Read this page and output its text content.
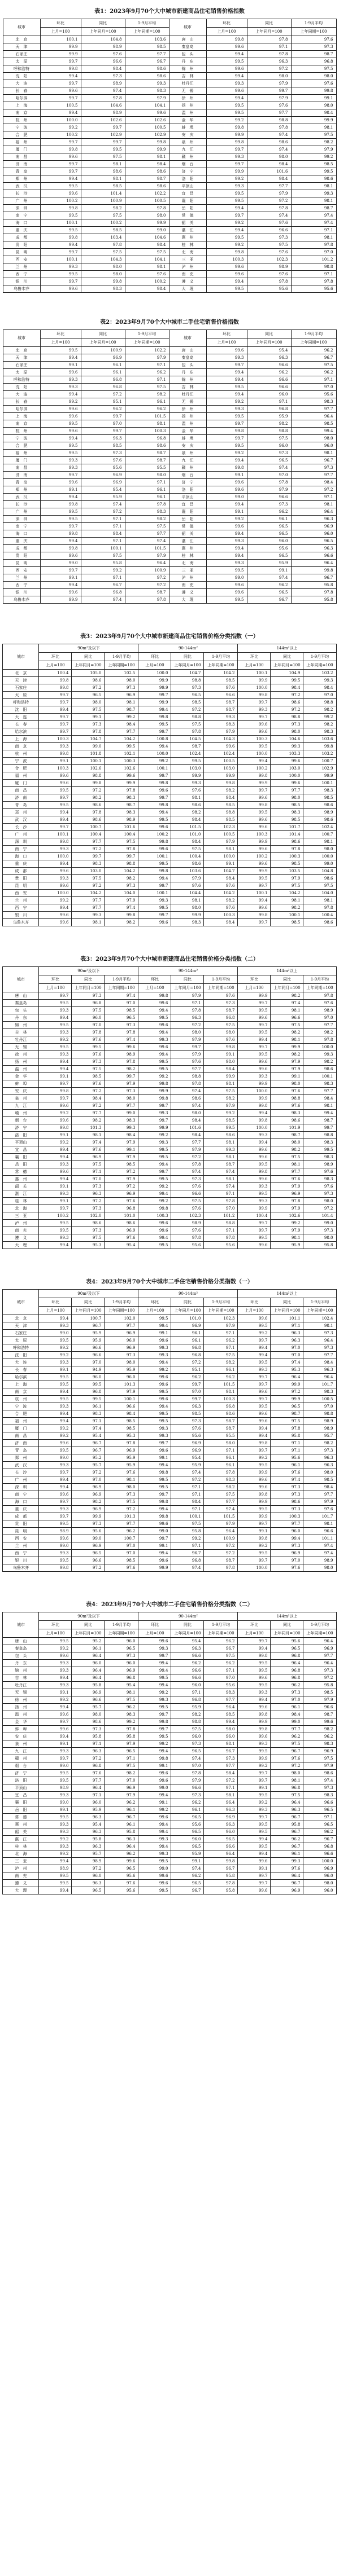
表1：2023年9月70个大中城市新建商品住宅销售价格指数
城市	环比	同比	1-9月平均	城市	环比	同比	1-9月平均
	上月=100	上年同月=100	上年同期=100		上月=100	上年同月=100	上年同期=100
北　京	100.1	104.8	103.6	唐　山	99.8	97.8	97.6
天　津	99.9	98.9	98.5	秦皇岛	99.6	97.1	97.3
石家庄	99.9	97.6	97.7	包　头	99.4	97.8	98.7
太　原	99.7	96.6	96.7	丹　东	99.5	96.3	96.8
呼和浩特	99.8	98.4	98.6	锦　州	99.6	97.2	97.5
沈　阳	99.4	97.3	98.6	吉　林	99.4	98.0	98.0
大　连	99.7	98.9	99.3	牡丹江	99.3	97.9	97.6
长　春	99.6	97.4	98.3	无　锡	99.6	99.7	99.8
哈尔滨	99.7	97.8	97.9	徐　州	99.4	97.9	99.1
上　海	100.5	104.6	104.1	扬　州	99.5	97.6	98.0
南　京	99.4	98.9	99.6	温　州	99.5	97.7	98.4
杭　州	100.0	102.6	102.6	金　华	99.2	98.8	99.9
宁　波	99.2	99.7	100.5	蚌　埠	99.8	97.8	98.1
合　肥	100.2	102.9	102.9	安　庆	99.9	97.4	97.5
福　州	99.7	99.7	99.8	泉　州	99.8	98.6	98.2
厦　门	99.8	99.5	99.9	九　江	99.7	97.4	97.9
南　昌	99.6	97.5	98.1	赣　州	99.3	98.0	99.2
济　南	99.7	98.1	98.4	烟　台	99.7	98.4	98.5
青　岛	99.7	98.6	98.6	济　宁	99.9	101.6	99.5
郑　州	99.4	98.1	98.7	洛　阳	99.2	98.4	98.6
武　汉	99.5	98.5	98.6	平顶山	99.3	97.7	98.1
长　沙	99.6	101.4	102.2	宜　昌	99.5	97.9	99.3
广　州	100.2	100.9	100.5	襄　阳	99.5	97.2	98.1
深　圳	99.8	98.2	97.8	岳　阳	99.4	97.8	98.7
南　宁	99.5	97.5	98.0	常　德	99.7	97.4	97.4
海　口	100.1	100.2	99.9	韶　关	99.2	97.6	97.4
重　庆	99.5	98.5	99.0	湛　江	99.4	96.6	97.1
成　都	99.8	103.4	104.6	惠　州	99.5	97.3	98.1
贵　阳	99.4	97.8	98.4	桂　林	99.2	97.5	97.8
昆　明	99.7	97.5	97.5	北　海	99.8	97.6	97.0
西　安	100.1	104.3	104.1	三　亚	100.3	102.3	101.2
兰　州	99.3	98.0	98.1	泸　州	99.6	98.9	98.8
西　宁	99.5	98.0	97.6	南　充	99.6	97.6	97.1
银　川	99.7	99.8	100.2	遵　义	99.4	97.8	97.8
乌鲁木齐	99.6	98.3	98.4	大　理	99.5	95.6	95.6
表2：2023年9月70个大中城市二手住宅销售价格指数
城市	环比	同比	1-9月平均	城市	环比	同比	1-9月平均
	上月=100	上年同月=100	上年同期=100		上月=100	上年同月=100	上年同期=100
北　京	99.5	100.9	102.2	唐　山	99.6	95.4	96.2
天　津	99.4	96.9	97.9	秦皇岛	99.3	96.3	96.7
石家庄	99.1	96.1	97.1	包　头	99.7	96.6	97.5
太　原	99.6	96.1	96.2	丹　东	99.4	96.2	96.2
呼和浩特	99.3	96.8	97.1	锦　州	99.4	96.6	97.1
沈　阳	99.3	96.8	97.5	吉　林	99.5	96.6	97.0
大　连	99.4	97.2	98.2	牡丹江	99.4	96.0	95.6
长　春	99.2	95.1	96.1	无　锡	99.2	97.1	98.3
哈尔滨	99.6	96.2	96.2	徐　州	99.3	96.8	97.7
上　海	99.6	99.7	101.5	扬　州	99.5	95.9	96.4
南　京	99.5	97.0	98.1	温　州	99.7	98.2	98.5
杭　州	99.6	99.7	100.3	金　华	99.8	98.8	99.4
宁　波	99.4	96.3	96.8	蚌　埠	99.7	97.5	98.0
合　肥	99.5	98.5	98.6	安　庆	99.5	96.0	96.0
福　州	99.5	97.3	98.7	泉　州	99.2	97.3	98.1
厦　门	99.3	97.6	98.7	九　江	99.4	96.5	96.7
南　昌	99.3	95.6	95.5	赣　州	99.8	97.4	97.3
济　南	99.7	96.9	98.0	烟　台	99.1	97.0	97.7
青　岛	99.6	96.9	97.1	济　宁	99.6	97.8	98.4
郑　州	99.1	95.4	96.1	洛　阳	99.6	97.9	97.2
武　汉	99.4	95.9	96.1	平顶山	99.0	96.6	97.1
长　沙	99.8	97.4	97.8	宜　昌	99.4	97.3	98.1
广　州	99.5	97.2	98.3	襄　阳	99.1	96.2	96.4
深　圳	99.5	97.1	98.2	岳　阳	99.2	96.1	96.3
南　宁	99.7	97.1	97.5	常　德	99.6	96.5	96.9
海　口	99.8	98.4	97.7	韶　关	99.4	96.5	96.0
重　庆	99.4	97.1	97.4	湛　江	99.3	96.0	96.5
成　都	99.8	100.1	101.5	惠　州	99.4	95.6	96.3
贵　阳	99.6	97.5	97.9	桂　林	99.4	96.5	96.6
昆　明	99.0	95.8	96.4	北　海	99.3	95.9	96.4
西　安	99.7	99.2	100.9	三　亚	99.5	99.1	99.8
兰　州	99.1	97.1	97.2	泸　州	99.0	97.4	96.7
西　宁	99.4	96.7	97.2	南　充	99.6	96.2	95.8
银　川	99.6	96.8	98.7	遵　义	99.6	96.5	97.8
乌鲁木齐	99.9	97.4	97.8	大　理	99.5	96.7	95.8
表3：2023年9月70个大中城市新建商品住宅销售价格分类指数（一）
城市	90m²及以下			90-144m²			144m²以上		
	环比	同比	1-9月平均	环比	同比	1-9月平均	环比	同比	1-9月平均
	上月=100	上年同月=100	上年同期=100	上月=100	上年同月=100	上年同期=100	上月=100	上年同月=100	上年同期=100
北　京	100.4	105.0	102.5	100.0	104.7	104.2	100.1	104.9	103.2
天　津	99.8	98.6	98.0	99.9	98.8	98.5	99.9	99.5	99.3
石家庄	99.8	97.2	97.3	99.9	97.3	97.6	100.0	98.4	98.4
太　原	99.7	96.5	96.9	99.7	96.5	96.6	99.8	97.2	97.0
呼和浩特	99.7	98.0	98.1	99.9	98.5	98.7	99.7	98.6	98.8
沈　阳	99.4	97.5	98.7	99.4	97.2	98.7	99.3	97.2	98.2
大　连	99.7	99.1	99.2	99.8	98.8	99.3	99.7	98.8	99.2
长　春	99.7	97.3	98.4	99.5	97.5	98.3	99.6	97.3	98.2
哈尔滨	99.7	97.8	97.7	99.7	97.8	97.9	99.6	98.0	98.3
上　海	100.3	104.7	104.2	100.8	104.5	104.3	100.3	104.6	103.6
南　京	99.3	99.0	99.5	99.4	98.7	99.6	99.5	99.3	99.8
杭　州	99.8	101.8	102.1	100.0	102.4	102.4	100.0	103.3	103.2
宁　波	99.1	100.1	100.3	99.2	99.5	100.5	99.4	99.6	100.7
合　肥	100.3	102.6	102.6	100.1	103.0	103.0	100.2	103.0	102.9
福　州	99.6	98.8	99.6	99.7	99.9	99.9	99.8	100.0	99.9
厦　门	99.6	99.8	99.9	99.8	99.3	99.8	99.9	99.6	100.1
南　昌	99.5	97.2	97.8	99.6	97.6	98.2	99.7	97.7	98.3
济　南	99.7	98.2	98.3	99.7	98.1	98.4	99.6	98.0	98.5
青　岛	99.5	98.6	98.7	99.8	98.6	98.5	99.8	98.5	98.6
郑　州	99.4	97.8	98.3	99.4	98.2	98.8	99.5	98.3	98.9
武　汉	99.4	98.6	98.9	99.5	98.4	98.5	99.6	98.5	98.6
长　沙	99.7	100.7	101.6	99.6	101.5	102.3	99.6	101.7	102.4
广　州	100.1	100.4	100.4	100.2	101.0	100.5	100.3	101.4	100.7
深　圳	99.8	97.7	97.5	99.8	98.4	97.9	99.9	98.6	98.1
南　宁	99.3	97.2	97.8	99.6	97.5	98.1	99.6	97.8	98.0
海　口	100.0	99.7	99.7	100.1	100.4	100.0	100.2	100.3	100.0
重　庆	99.4	98.3	98.8	99.5	98.6	99.1	99.6	98.5	99.0
成　都	99.6	103.0	104.2	99.8	103.6	104.7	99.9	103.5	104.8
贵　阳	99.3	97.5	98.2	99.4	97.9	98.4	99.5	97.9	98.6
昆　明	99.6	97.2	97.3	99.7	97.6	97.6	99.7	97.5	97.5
西　安	100.0	104.2	104.0	100.1	104.4	104.2	100.1	104.2	104.0
兰　州	99.2	97.7	97.9	99.3	98.1	98.2	99.4	98.1	98.1
西　宁	99.4	97.7	97.4	99.5	98.0	97.6	99.6	98.2	97.8
银　川	99.6	99.3	99.8	99.7	99.9	100.3	99.8	100.1	100.4
乌鲁木齐	99.6	98.1	98.2	99.6	98.3	98.4	99.7	98.5	98.6
表3：2023年9月70个大中城市新建商品住宅销售价格分类指数（二）
城市	90m²及以下			90-144m²			144m²以上		
	环比	同比	1-9月平均	环比	同比	1-9月平均	环比	同比	1-9月平均
	上月=100	上年同月=100	上年同期=100	上月=100	上年同月=100	上年同期=100	上月=100	上年同月=100	上年同期=100
唐　山	99.7	97.3	97.4	99.8	97.9	97.6	99.9	98.2	97.8
秦皇岛	99.5	96.8	97.0	99.6	97.1	97.3	99.7	97.4	97.6
包　头	99.3	97.5	98.5	99.4	97.8	98.7	99.5	98.1	98.9
丹　东	99.4	96.0	96.5	99.5	96.3	96.8	99.6	96.6	97.0
锦　州	99.5	97.0	97.3	99.6	97.2	97.5	99.7	97.5	97.7
吉　林	99.3	97.8	97.8	99.4	98.0	98.0	99.5	98.2	98.2
牡丹江	99.2	97.6	97.4	99.3	97.9	97.6	99.4	98.1	97.8
无　锡	99.5	99.5	99.6	99.6	99.7	99.8	99.7	99.9	100.0
徐　州	99.3	97.6	98.9	99.4	97.9	99.1	99.5	98.2	99.3
扬　州	99.4	97.3	97.8	99.5	97.6	98.0	99.6	97.9	98.2
温　州	99.4	97.5	98.2	99.5	97.7	98.4	99.6	97.9	98.6
金　华	99.1	98.5	99.7	99.2	98.8	99.9	99.3	99.1	100.1
蚌　埠	99.7	97.6	97.9	99.8	97.8	98.1	99.9	98.0	98.3
安　庆	99.8	97.2	97.3	99.9	97.4	97.5	100.0	97.6	97.7
泉　州	99.7	98.4	98.0	99.8	98.6	98.2	99.9	98.8	98.4
九　江	99.6	97.2	97.7	99.7	97.4	97.9	99.8	97.6	98.1
赣　州	99.2	97.7	99.0	99.3	98.0	99.2	99.4	98.3	99.4
烟　台	99.6	98.2	98.3	99.7	98.4	98.5	99.8	98.6	98.7
济　宁	99.8	101.3	99.3	99.9	101.6	99.5	100.0	101.9	99.7
洛　阳	99.1	98.1	98.4	99.2	98.4	98.6	99.3	98.7	98.8
平顶山	99.2	97.4	97.9	99.3	97.7	98.1	99.4	98.0	98.3
宜　昌	99.4	97.6	99.1	99.5	97.9	99.3	99.6	98.2	99.5
襄　阳	99.4	96.9	97.9	99.5	97.2	98.1	99.6	97.5	98.3
岳　阳	99.3	97.5	98.5	99.4	97.8	98.7	99.5	98.1	98.9
常　德	99.6	97.1	97.2	99.7	97.4	97.4	99.8	97.7	97.6
惠　州	99.4	97.0	97.9	99.5	97.3	98.1	99.6	97.6	98.3
韶　关	99.1	97.3	97.2	99.2	97.6	97.4	99.3	97.9	97.6
湛　江	99.3	96.3	96.9	99.4	96.6	97.1	99.5	96.9	97.3
桂　林	99.1	97.2	97.6	99.2	97.5	97.8	99.3	97.8	98.0
北　海	99.7	97.3	96.8	99.8	97.6	97.0	99.9	97.9	97.2
三　亚	100.2	102.0	101.0	100.3	102.3	101.2	100.4	102.6	101.4
泸　州	99.5	98.6	98.6	99.6	98.9	98.8	99.7	99.2	99.0
南　充	99.5	97.3	96.9	99.6	97.6	97.1	99.7	97.9	97.3
遵　义	99.3	97.5	97.6	99.4	97.8	97.8	99.5	98.1	98.0
大　理	99.4	95.3	95.4	99.5	95.6	95.6	99.6	95.9	95.8
表4：2023年9月70个大中城市二手住宅销售价格分类指数（一）
城市	90m²及以下			90-144m²			144m²以上		
	环比	同比	1-9月平均	环比	同比	1-9月平均	环比	同比	1-9月平均
	上月=100	上年同月=100	上年同期=100	上月=100	上年同月=100	上年同期=100	上月=100	上年同月=100	上年同期=100
北　京	99.4	100.7	102.0	99.5	101.0	102.3	99.6	101.1	102.4
天　津	99.3	96.7	97.7	99.4	96.9	97.9	99.5	97.1	98.1
石家庄	99.0	95.9	96.9	99.1	96.1	97.1	99.2	96.3	97.3
太　原	99.5	95.9	96.0	99.6	96.1	96.2	99.7	96.3	96.4
呼和浩特	99.2	96.6	96.9	99.3	96.8	97.1	99.4	97.0	97.3
沈　阳	99.2	96.6	97.3	99.3	96.8	97.5	99.4	97.0	97.7
大　连	99.3	97.0	98.0	99.4	97.2	98.2	99.5	97.4	98.4
长　春	99.1	94.9	95.9	99.2	95.1	96.1	99.3	95.3	96.3
哈尔滨	99.5	96.0	96.0	99.6	96.2	96.2	99.7	96.4	96.4
上　海	99.5	99.5	101.3	99.6	99.7	101.5	99.7	99.9	101.7
南　京	99.4	96.8	97.9	99.5	97.0	98.1	99.6	97.2	98.3
杭　州	99.5	99.5	100.1	99.6	99.7	100.3	99.7	99.9	100.5
宁　波	99.3	96.1	96.6	99.4	96.3	96.8	99.5	96.5	97.0
合　肥	99.4	98.3	98.4	99.5	98.5	98.6	99.6	98.7	98.8
福　州	99.4	97.1	98.5	99.5	97.3	98.7	99.6	97.5	98.9
厦　门	99.2	97.4	98.5	99.3	97.6	98.7	99.4	97.8	98.9
南　昌	99.2	95.4	95.3	99.3	95.6	95.5	99.4	95.8	95.7
济　南	99.6	96.7	97.8	99.7	96.9	98.0	99.8	97.1	98.2
青　岛	99.5	96.7	96.9	99.6	96.9	97.1	99.7	97.1	97.3
郑　州	99.0	95.2	95.9	99.1	95.4	96.1	99.2	95.6	96.3
武　汉	99.3	95.7	95.9	99.4	95.9	96.1	99.5	96.1	96.3
长　沙	99.7	97.2	97.6	99.8	97.4	97.8	99.9	97.6	98.0
广　州	99.4	97.0	98.1	99.5	97.2	98.3	99.6	97.4	98.5
深　圳	99.4	96.9	98.0	99.5	97.1	98.2	99.6	97.3	98.4
南　宁	99.6	96.9	97.3	99.7	97.1	97.5	99.8	97.3	97.7
海　口	99.7	98.2	97.5	99.8	98.4	97.7	99.9	98.6	97.9
重　庆	99.3	96.9	97.2	99.4	97.1	97.4	99.5	97.3	97.6
成　都	99.7	99.9	101.3	99.8	100.1	101.5	99.9	100.3	101.7
贵　阳	99.5	97.3	97.7	99.6	97.5	97.9	99.7	97.7	98.1
昆　明	98.9	95.6	96.2	99.0	95.8	96.4	99.1	96.0	96.6
西　安	99.6	99.0	100.7	99.7	99.2	100.9	99.8	99.4	101.1
兰　州	99.0	96.9	97.0	99.1	97.1	97.2	99.2	97.3	97.4
西　宁	99.3	96.5	97.0	99.4	96.7	97.2	99.5	96.9	97.4
银　川	99.5	96.6	98.5	99.6	96.8	98.7	99.7	97.0	98.9
乌鲁木齐	99.8	97.2	97.6	99.9	97.4	97.8	100.0	97.6	98.0
表4：2023年9月70个大中城市二手住宅销售价格分类指数（二）
城市	90m²及以下			90-144m²			144m²以上		
	环比	同比	1-9月平均	环比	同比	1-9月平均	环比	同比	1-9月平均
	上月=100	上年同月=100	上年同期=100	上月=100	上年同月=100	上年同期=100	上月=100	上年同月=100	上年同期=100
唐　山	99.5	95.2	96.0	99.6	95.4	96.2	99.7	95.6	96.4
秦皇岛	99.2	96.1	96.5	99.3	96.3	96.7	99.4	96.5	96.9
包　头	99.6	96.4	97.3	99.7	96.6	97.5	99.8	96.8	97.7
丹　东	99.3	96.0	96.0	99.4	96.2	96.2	99.5	96.4	96.4
锦　州	99.3	96.4	96.9	99.4	96.6	97.1	99.5	96.8	97.3
吉　林	99.4	96.4	96.8	99.5	96.6	97.0	99.6	96.8	97.2
牡丹江	99.3	95.8	95.4	99.4	96.0	95.6	99.5	96.2	95.8
无　锡	99.1	96.9	98.1	99.2	97.1	98.3	99.3	97.3	98.5
徐　州	99.2	96.6	97.5	99.3	96.8	97.7	99.4	97.0	97.9
扬　州	99.4	95.7	96.2	99.5	95.9	96.4	99.6	96.1	96.6
温　州	99.6	98.0	98.3	99.7	98.2	98.5	99.8	98.4	98.7
金　华	99.7	98.6	99.2	99.8	98.8	99.4	99.9	99.0	99.6
蚌　埠	99.6	97.3	97.8	99.7	97.5	98.0	99.8	97.7	98.2
安　庆	99.4	95.8	95.8	99.5	96.0	96.0	99.6	96.2	96.2
泉　州	99.1	97.1	97.9	99.2	97.3	98.1	99.3	97.5	98.3
九　江	99.3	96.3	96.5	99.4	96.5	96.7	99.5	96.7	96.9
赣　州	99.7	97.2	97.1	99.8	97.4	97.3	99.9	97.6	97.5
烟　台	99.0	96.8	97.5	99.1	97.0	97.7	99.2	97.2	97.9
济　宁	99.5	97.6	98.2	99.6	97.8	98.4	99.7	98.0	98.6
洛　阳	99.5	97.7	97.0	99.6	97.9	97.2	99.7	98.1	97.4
平顶山	98.9	96.4	96.9	99.0	96.6	97.1	99.1	96.8	97.3
宜　昌	99.3	97.1	97.9	99.4	97.3	98.1	99.5	97.5	98.3
襄　阳	99.0	96.0	96.2	99.1	96.2	96.4	99.2	96.4	96.6
岳　阳	99.1	95.9	96.1	99.2	96.1	96.3	99.3	96.3	96.5
常　德	99.5	96.3	96.7	99.6	96.5	96.9	99.7	96.7	97.1
惠　州	99.3	95.4	96.1	99.4	95.6	96.3	99.5	95.8	96.5
韶　关	99.3	96.3	95.8	99.4	96.5	96.0	99.5	96.7	96.2
湛　江	99.2	95.8	96.3	99.3	96.0	96.5	99.4	96.2	96.7
桂　林	99.3	96.3	96.4	99.4	96.5	96.6	99.5	96.7	96.8
北　海	99.2	95.7	96.2	99.3	95.9	96.4	99.4	96.1	96.6
三　亚	99.4	98.9	99.6	99.5	99.1	99.8	99.6	99.3	100.0
泸　州	98.9	97.2	96.5	99.0	97.4	96.7	99.1	97.6	96.9
南　充	99.5	96.0	95.6	99.6	96.2	95.8	99.7	96.4	96.0
遵　义	99.5	96.3	97.6	99.6	96.5	97.8	99.7	96.7	98.0
大　理	99.4	96.5	95.6	99.5	96.7	95.8	99.6	96.9	96.0
